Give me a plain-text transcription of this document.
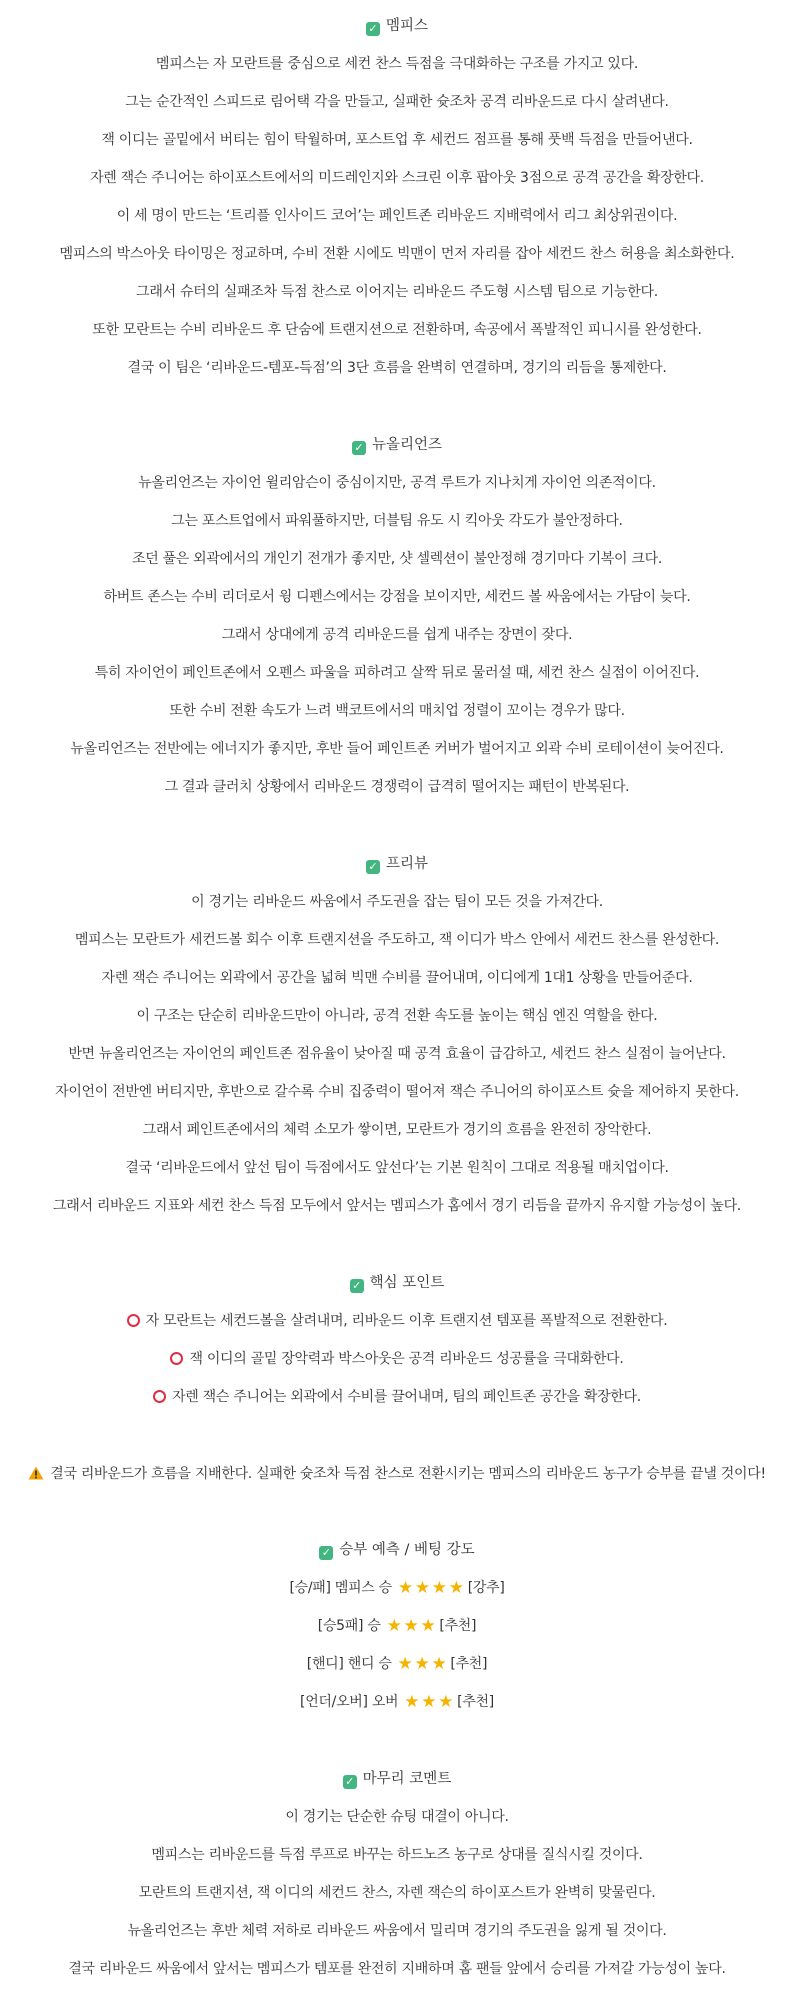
✓ 멤피스
멤피스는 자 모란트를 중심으로 세컨 찬스 득점을 극대화하는 구조를 가지고 있다.
그는 순간적인 스피드로 림어택 각을 만들고, 실패한 슛조차 공격 리바운드로 다시 살려낸다.
잭 이디는 골밑에서 버티는 힘이 탁월하며, 포스트업 후 세컨드 점프를 통해 풋백 득점을 만들어낸다.
자렌 잭슨 주니어는 하이포스트에서의 미드레인지와 스크린 이후 팝아웃 3점으로 공격 공간을 확장한다.
이 세 명이 만드는 ‘트리플 인사이드 코어’는 페인트존 리바운드 지배력에서 리그 최상위권이다.
멤피스의 박스아웃 타이밍은 정교하며, 수비 전환 시에도 빅맨이 먼저 자리를 잡아 세컨드 찬스 허용을 최소화한다.
그래서 슈터의 실패조차 득점 찬스로 이어지는 리바운드 주도형 시스템 팀으로 기능한다.
또한 모란트는 수비 리바운드 후 단숨에 트랜지션으로 전환하며, 속공에서 폭발적인 피니시를 완성한다.
결국 이 팀은 ‘리바운드-템포-득점’의 3단 흐름을 완벽히 연결하며, 경기의 리듬을 통제한다.
✓ 뉴올리언즈
뉴올리언즈는 자이언 윌리암슨이 중심이지만, 공격 루트가 지나치게 자이언 의존적이다.
그는 포스트업에서 파워풀하지만, 더블팀 유도 시 킥아웃 각도가 불안정하다.
조던 풀은 외곽에서의 개인기 전개가 좋지만, 샷 셀렉션이 불안정해 경기마다 기복이 크다.
하버트 존스는 수비 리더로서 윙 디펜스에서는 강점을 보이지만, 세컨드 볼 싸움에서는 가담이 늦다.
그래서 상대에게 공격 리바운드를 쉽게 내주는 장면이 잦다.
특히 자이언이 페인트존에서 오펜스 파울을 피하려고 살짝 뒤로 물러설 때, 세컨 찬스 실점이 이어진다.
또한 수비 전환 속도가 느려 백코트에서의 매치업 정렬이 꼬이는 경우가 많다.
뉴올리언즈는 전반에는 에너지가 좋지만, 후반 들어 페인트존 커버가 벌어지고 외곽 수비 로테이션이 늦어진다.
그 결과 클러치 상황에서 리바운드 경쟁력이 급격히 떨어지는 패턴이 반복된다.
✓ 프리뷰
이 경기는 리바운드 싸움에서 주도권을 잡는 팀이 모든 것을 가져간다.
멤피스는 모란트가 세컨드볼 회수 이후 트랜지션을 주도하고, 잭 이디가 박스 안에서 세컨드 찬스를 완성한다.
자렌 잭슨 주니어는 외곽에서 공간을 넓혀 빅맨 수비를 끌어내며, 이디에게 1대1 상황을 만들어준다.
이 구조는 단순히 리바운드만이 아니라, 공격 전환 속도를 높이는 핵심 엔진 역할을 한다.
반면 뉴올리언즈는 자이언의 페인트존 점유율이 낮아질 때 공격 효율이 급감하고, 세컨드 찬스 실점이 늘어난다.
자이언이 전반엔 버티지만, 후반으로 갈수록 수비 집중력이 떨어져 잭슨 주니어의 하이포스트 슛을 제어하지 못한다.
그래서 페인트존에서의 체력 소모가 쌓이면, 모란트가 경기의 흐름을 완전히 장악한다.
결국 ‘리바운드에서 앞선 팀이 득점에서도 앞선다’는 기본 원칙이 그대로 적용될 매치업이다.
그래서 리바운드 지표와 세컨 찬스 득점 모두에서 앞서는 멤피스가 홈에서 경기 리듬을 끝까지 유지할 가능성이 높다.
✓ 핵심 포인트
자 모란트는 세컨드볼을 살려내며, 리바운드 이후 트랜지션 템포를 폭발적으로 전환한다.
잭 이디의 골밑 장악력과 박스아웃은 공격 리바운드 성공률을 극대화한다.
자렌 잭슨 주니어는 외곽에서 수비를 끌어내며, 팀의 페인트존 공간을 확장한다.
결국 리바운드가 흐름을 지배한다. 실패한 슛조차 득점 찬스로 전환시키는 멤피스의 리바운드 농구가 승부를 끝낼 것이다!
✓ 승부 예측 / 베팅 강도
[승/패] 멤피스 승 ★ ★ ★ ★ [강추]
[승5패] 승 ★ ★ ★ [추천]
[핸디] 핸디 승 ★ ★ ★ [추천]
[언더/오버] 오버 ★ ★ ★ [추천]
✓ 마무리 코멘트
이 경기는 단순한 슈팅 대결이 아니다.
멤피스는 리바운드를 득점 루프로 바꾸는 하드노즈 농구로 상대를 질식시킬 것이다.
모란트의 트랜지션, 잭 이디의 세컨드 찬스, 자렌 잭슨의 하이포스트가 완벽히 맞물린다.
뉴올리언즈는 후반 체력 저하로 리바운드 싸움에서 밀리며 경기의 주도권을 잃게 될 것이다.
결국 리바운드 싸움에서 앞서는 멤피스가 템포를 완전히 지배하며 홈 팬들 앞에서 승리를 가져갈 가능성이 높다.
